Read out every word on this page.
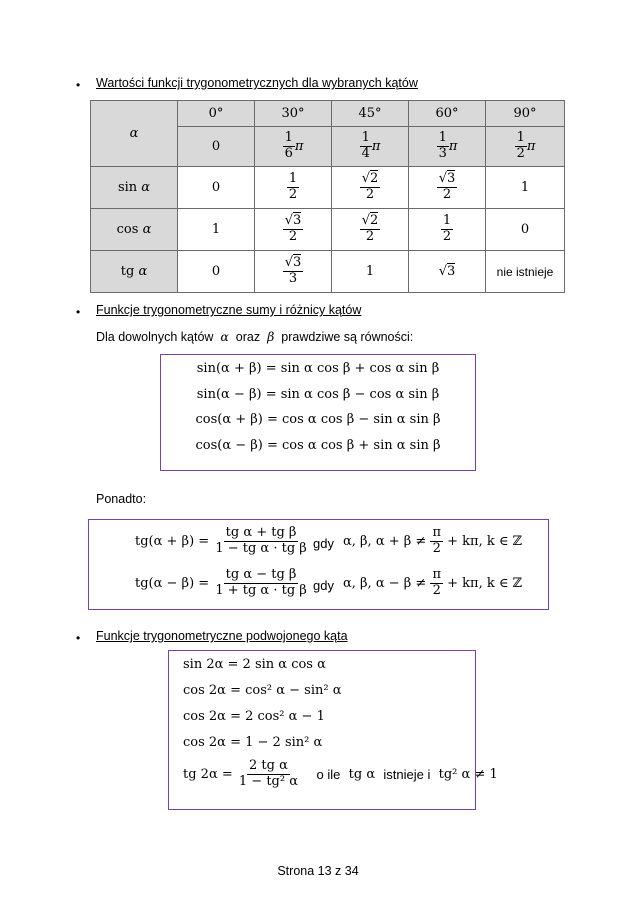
• Wartości funkcji trygonometrycznych dla wybranych kątów
α	0°	30°	45°	60°	90°
	0	$\frac{1}{6}$ π	$\frac{1}{4}$ π	$\frac{1}{3}$ π	$\frac{1}{2}$ π
sin α	0	$\frac{1}{2}$	$\frac{√2}{2}$	$\frac{√3}{2}$	1
cos α	1	$\frac{√3}{2}$	$\frac{√2}{2}$	$\frac{1}{2}$	0
tg α	0	$\frac{√3}{3}$	1	√3	nie istnieje
• Funkcje trygonometryczne sumy i różnicy kątów
Dla dowolnych kątów α oraz β prawdziwe są równości:
sin(α + β) = sin α cos β + cos α sin β
sin(α − β) = sin α cos β − cos α sin β
cos(α + β) = cos α cos β − sin α sin β
cos(α − β) = cos α cos β + sin α sin β
Ponadto:
tg(α + β) =
$\frac{\text{tg α + tg β}}{\text{1 − tg α · tg β}}$ gdy α, β, α + β ≠
$\frac{\pi}{2}$
+ kπ, k ∈ ℤ
tg(α − β) =
$\frac{\text{tg α − tg β}}{\text{1 + tg α · tg β}}$ gdy α, β, α − β ≠
$\frac{\pi}{2}$
+ kπ, k ∈ ℤ
• Funkcje trygonometryczne podwojonego kąta
sin 2α = 2 sin α cos α
cos 2α = cos² α − sin² α
cos 2α = 2 cos² α − 1
cos 2α = 1 − 2 sin² α
tg 2α =
$\frac{\text{2 tg α}}{\text{1 − tg² α}}$
o ile
tg α
istnieje i
tg² α ≠ 1
Strona 13 z 34
